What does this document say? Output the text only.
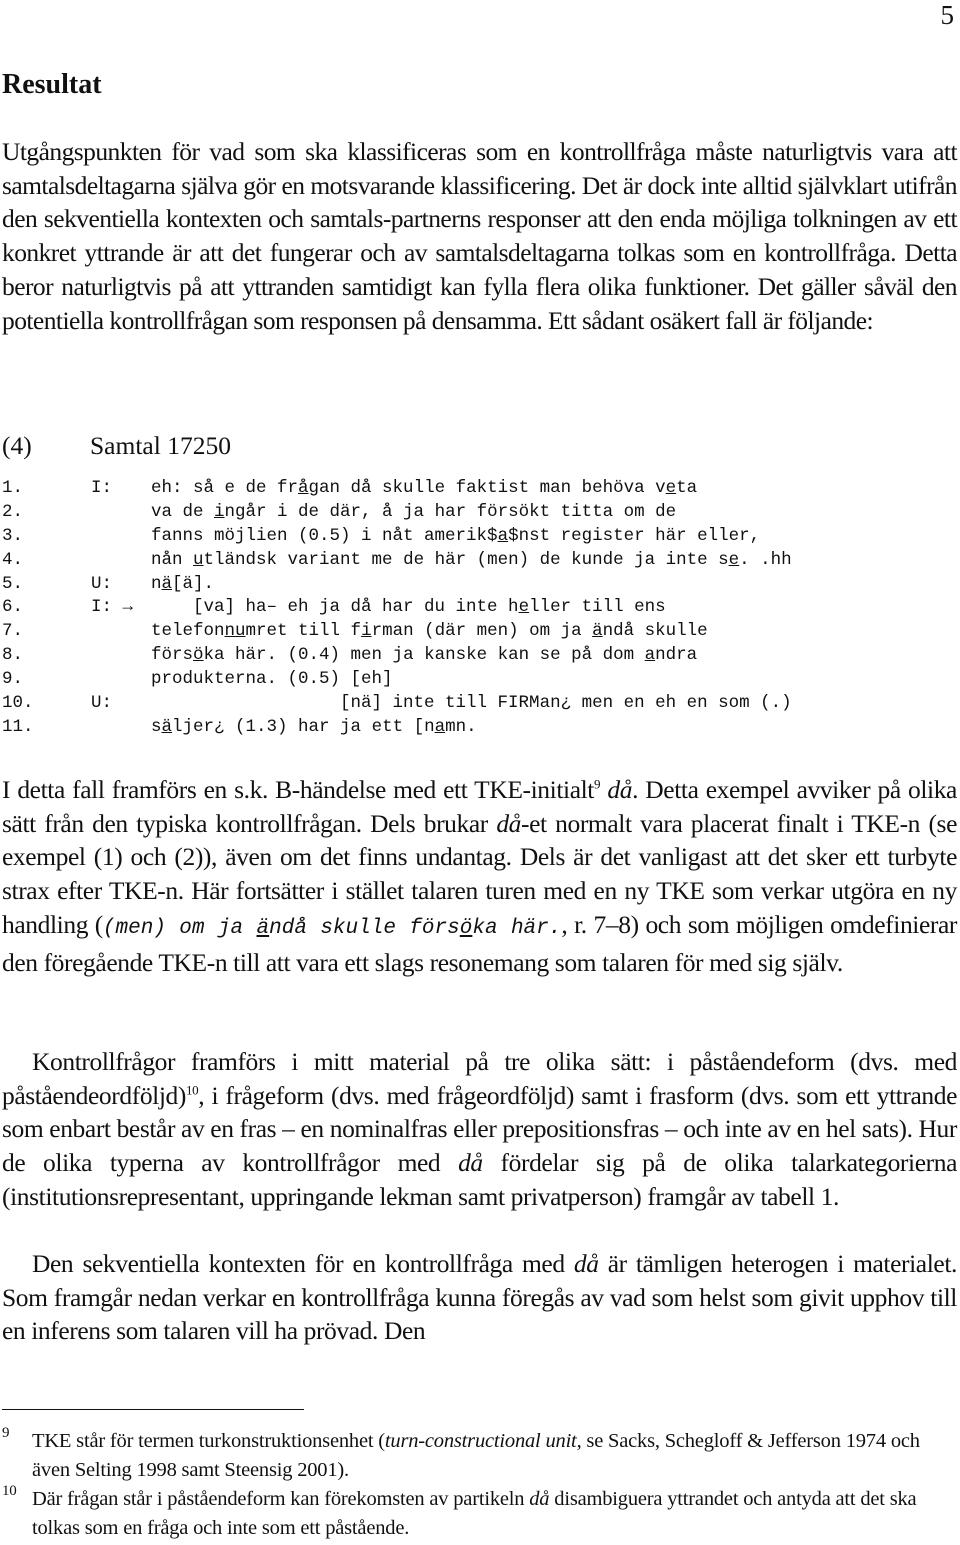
5
Resultat

Utgångspunkten för vad som ska klassificeras som en kontrollfråga måste naturligtvis vara att samtalsdeltagarna själva gör en motsvarande klassificering. Det är dock inte alltid självklart utifrån den sekventiella kontexten och samtals-partnerns responser att den enda möjliga tolkningen av ett konkret yttrande är att det fungerar och av samtalsdeltagarna tolkas som en kontrollfråga. Detta beror naturligtvis på att yttranden samtidigt kan fylla flera olika funktioner. Det gäller såväl den potentiella kontrollfrågan som responsen på densamma. Ett sådant osäkert fall är följande:

(4) Samtal 17250
1.	I: eh: så e de frågan då skulle faktist man behöva veta
2.	va de ingår i de där, å ja har försökt titta om de
3.	fanns möjlien (0.5) i nåt amerik$a$nst register här eller,
4.	nån utländsk variant me de här (men) de kunde ja inte se. .hh
5.	U: nä[ä].
6.	I: → [va] ha– eh ja då har du inte heller till ens
7.	telefonnumret till firman (där men) om ja ändå skulle
8.	försöka här. (0.4) men ja kanske kan se på dom andra
9.	produkterna. (0.5) [eh]
10.	U: [nä] inte till FIRMan¿ men en eh en som (.)
11.	säljer¿ (1.3) har ja ett [namn.

I detta fall framförs en s.k. B-händelse med ett TKE-initialt$^9$ då. Detta exempel avviker på olika sätt från den typiska kontrollfrågan. Dels brukar då-et normalt vara placerat finalt i TKE-n (se exempel (1) och (2)), även om det finns undantag. Dels är det vanligast att det sker ett turbyte strax efter TKE-n. Här fortsätter i stället talaren turen med en ny TKE som verkar utgöra en ny handling ((men) om ja ändå skulle försöka här., r. 7–8) och som möjligen omdefinierar den föregående TKE-n till att vara ett slags resonemang som talaren för med sig själv.

Kontrollfrågor framförs i mitt material på tre olika sätt: i påståendeform (dvs. med påståendeordföljd)$^{10}$, i frågeform (dvs. med frågeordföljd) samt i frasform (dvs. som ett yttrande som enbart består av en fras – en nominalfras eller prepositionsfras – och inte av en hel sats). Hur de olika typerna av kontrollfrågor med då fördelar sig på de olika talarkategorierna (institutionsrepresentant, uppringande lekman samt privatperson) framgår av tabell 1.

Den sekventiella kontexten för en kontrollfråga med då är tämligen heterogen i materialet. Som framgår nedan verkar en kontrollfråga kunna föregås av vad som helst som givit upphov till en inferens som talaren vill ha prövad. Den

9 TKE står för termen turkonstruktionsenhet (turn-constructional unit, se Sacks, Schegloff & Jefferson 1974 och även Selting 1998 samt Steensig 2001).
10 Där frågan står i påståendeform kan förekomsten av partikeln då disambiguera yttrandet och antyda att det ska tolkas som en fråga och inte som ett påstående.
